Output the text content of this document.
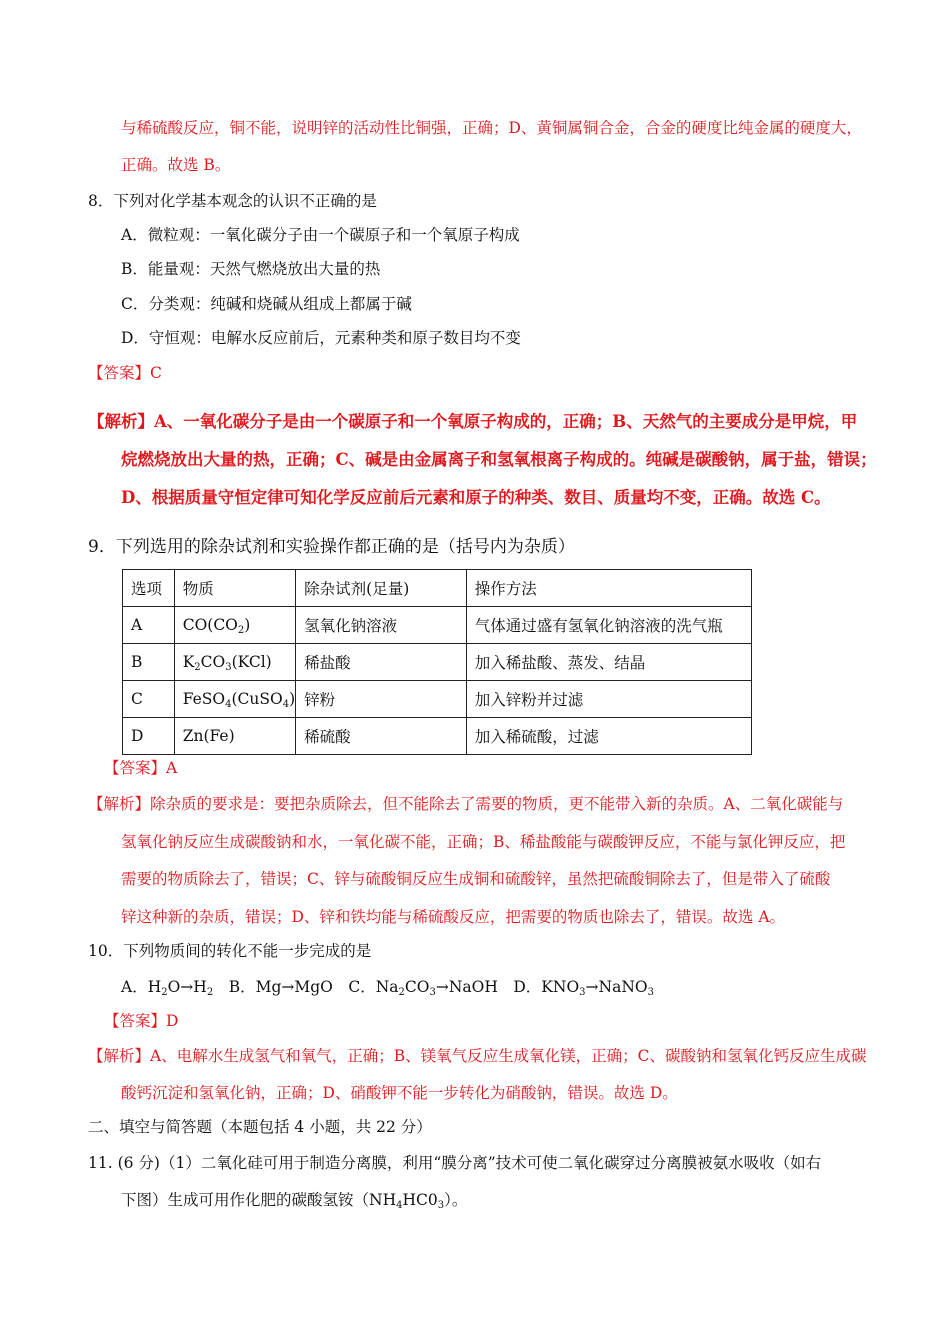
与稀硫酸反应，铜不能，说明锌的活动性比铜强，正确；D、黄铜属铜合金，合金的硬度比纯金属的硬度大，
正确。故选 B。
8．下列对化学基本观念的认识不正确的是
A．微粒观：一氧化碳分子由一个碳原子和一个氧原子构成
B．能量观：天然气燃烧放出大量的热
C．分类观：纯碱和烧碱从组成上都属于碱
D．守恒观：电解水反应前后，元素种类和原子数目均不变
【答案】C
【解析】A、一氧化碳分子是由一个碳原子和一个氧原子构成的，正确；B、天然气的主要成分是甲烷，甲
烷燃烧放出大量的热，正确；C、碱是由金属离子和氢氧根离子构成的。纯碱是碳酸钠，属于盐，错误；
D、根据质量守恒定律可知化学反应前后元素和原子的种类、数目、质量均不变，正确。故选 C。
9．下列选用的除杂试剂和实验操作都正确的是（括号内为杂质）
选项	物质	除杂试剂(足量)	操作方法
A	$CO(CO_2)$	氢氧化钠溶液	气体通过盛有氢氧化钠溶液的洗气瓶
B	$K_2CO_3(KCl)$	稀盐酸	加入稀盐酸、蒸发、结晶
C	FeSO$_4$(CuSO$_4$)	锌粉	加入锌粉并过滤
D	Zn(Fe)	稀硫酸	加入稀硫酸，过滤
【答案】A
【解析】除杂质的要求是：要把杂质除去，但不能除去了需要的物质，更不能带入新的杂质。A、二氧化碳能与
氢氧化钠反应生成碳酸钠和水，一氧化碳不能，正确；B、稀盐酸能与碳酸钾反应，不能与氯化钾反应，把
需要的物质除去了，错误；C、锌与硫酸铜反应生成铜和硫酸锌，虽然把硫酸铜除去了，但是带入了硫酸
锌这种新的杂质，错误；D、锌和铁均能与稀硫酸反应，把需要的物质也除去了，错误。故选 A。
10．下列物质间的转化不能一步完成的是
A．$H_2O\to H_2$　B．Mg→MgO　C．$Na_2CO_3\to NaOH$　D．$KNO_3\to NaNO_3$
【答案】D
【解析】A、电解水生成氢气和氧气，正确；B、镁氧气反应生成氧化镁，正确；C、碳酸钠和氢氧化钙反应生成碳
酸钙沉淀和氢氧化钠，正确；D、硝酸钾不能一步转化为硝酸钠，错误。故选 D。
二、填空与简答题（本题包括 4 小题，共 22 分）
11. (6 分)（1）二氧化硅可用于制造分离膜，利用“膜分离”技术可使二氧化碳穿过分离膜被氨水吸收（如右
下图）生成可用作化肥的碳酸氢铵$(NH_4HC0_3)$。
